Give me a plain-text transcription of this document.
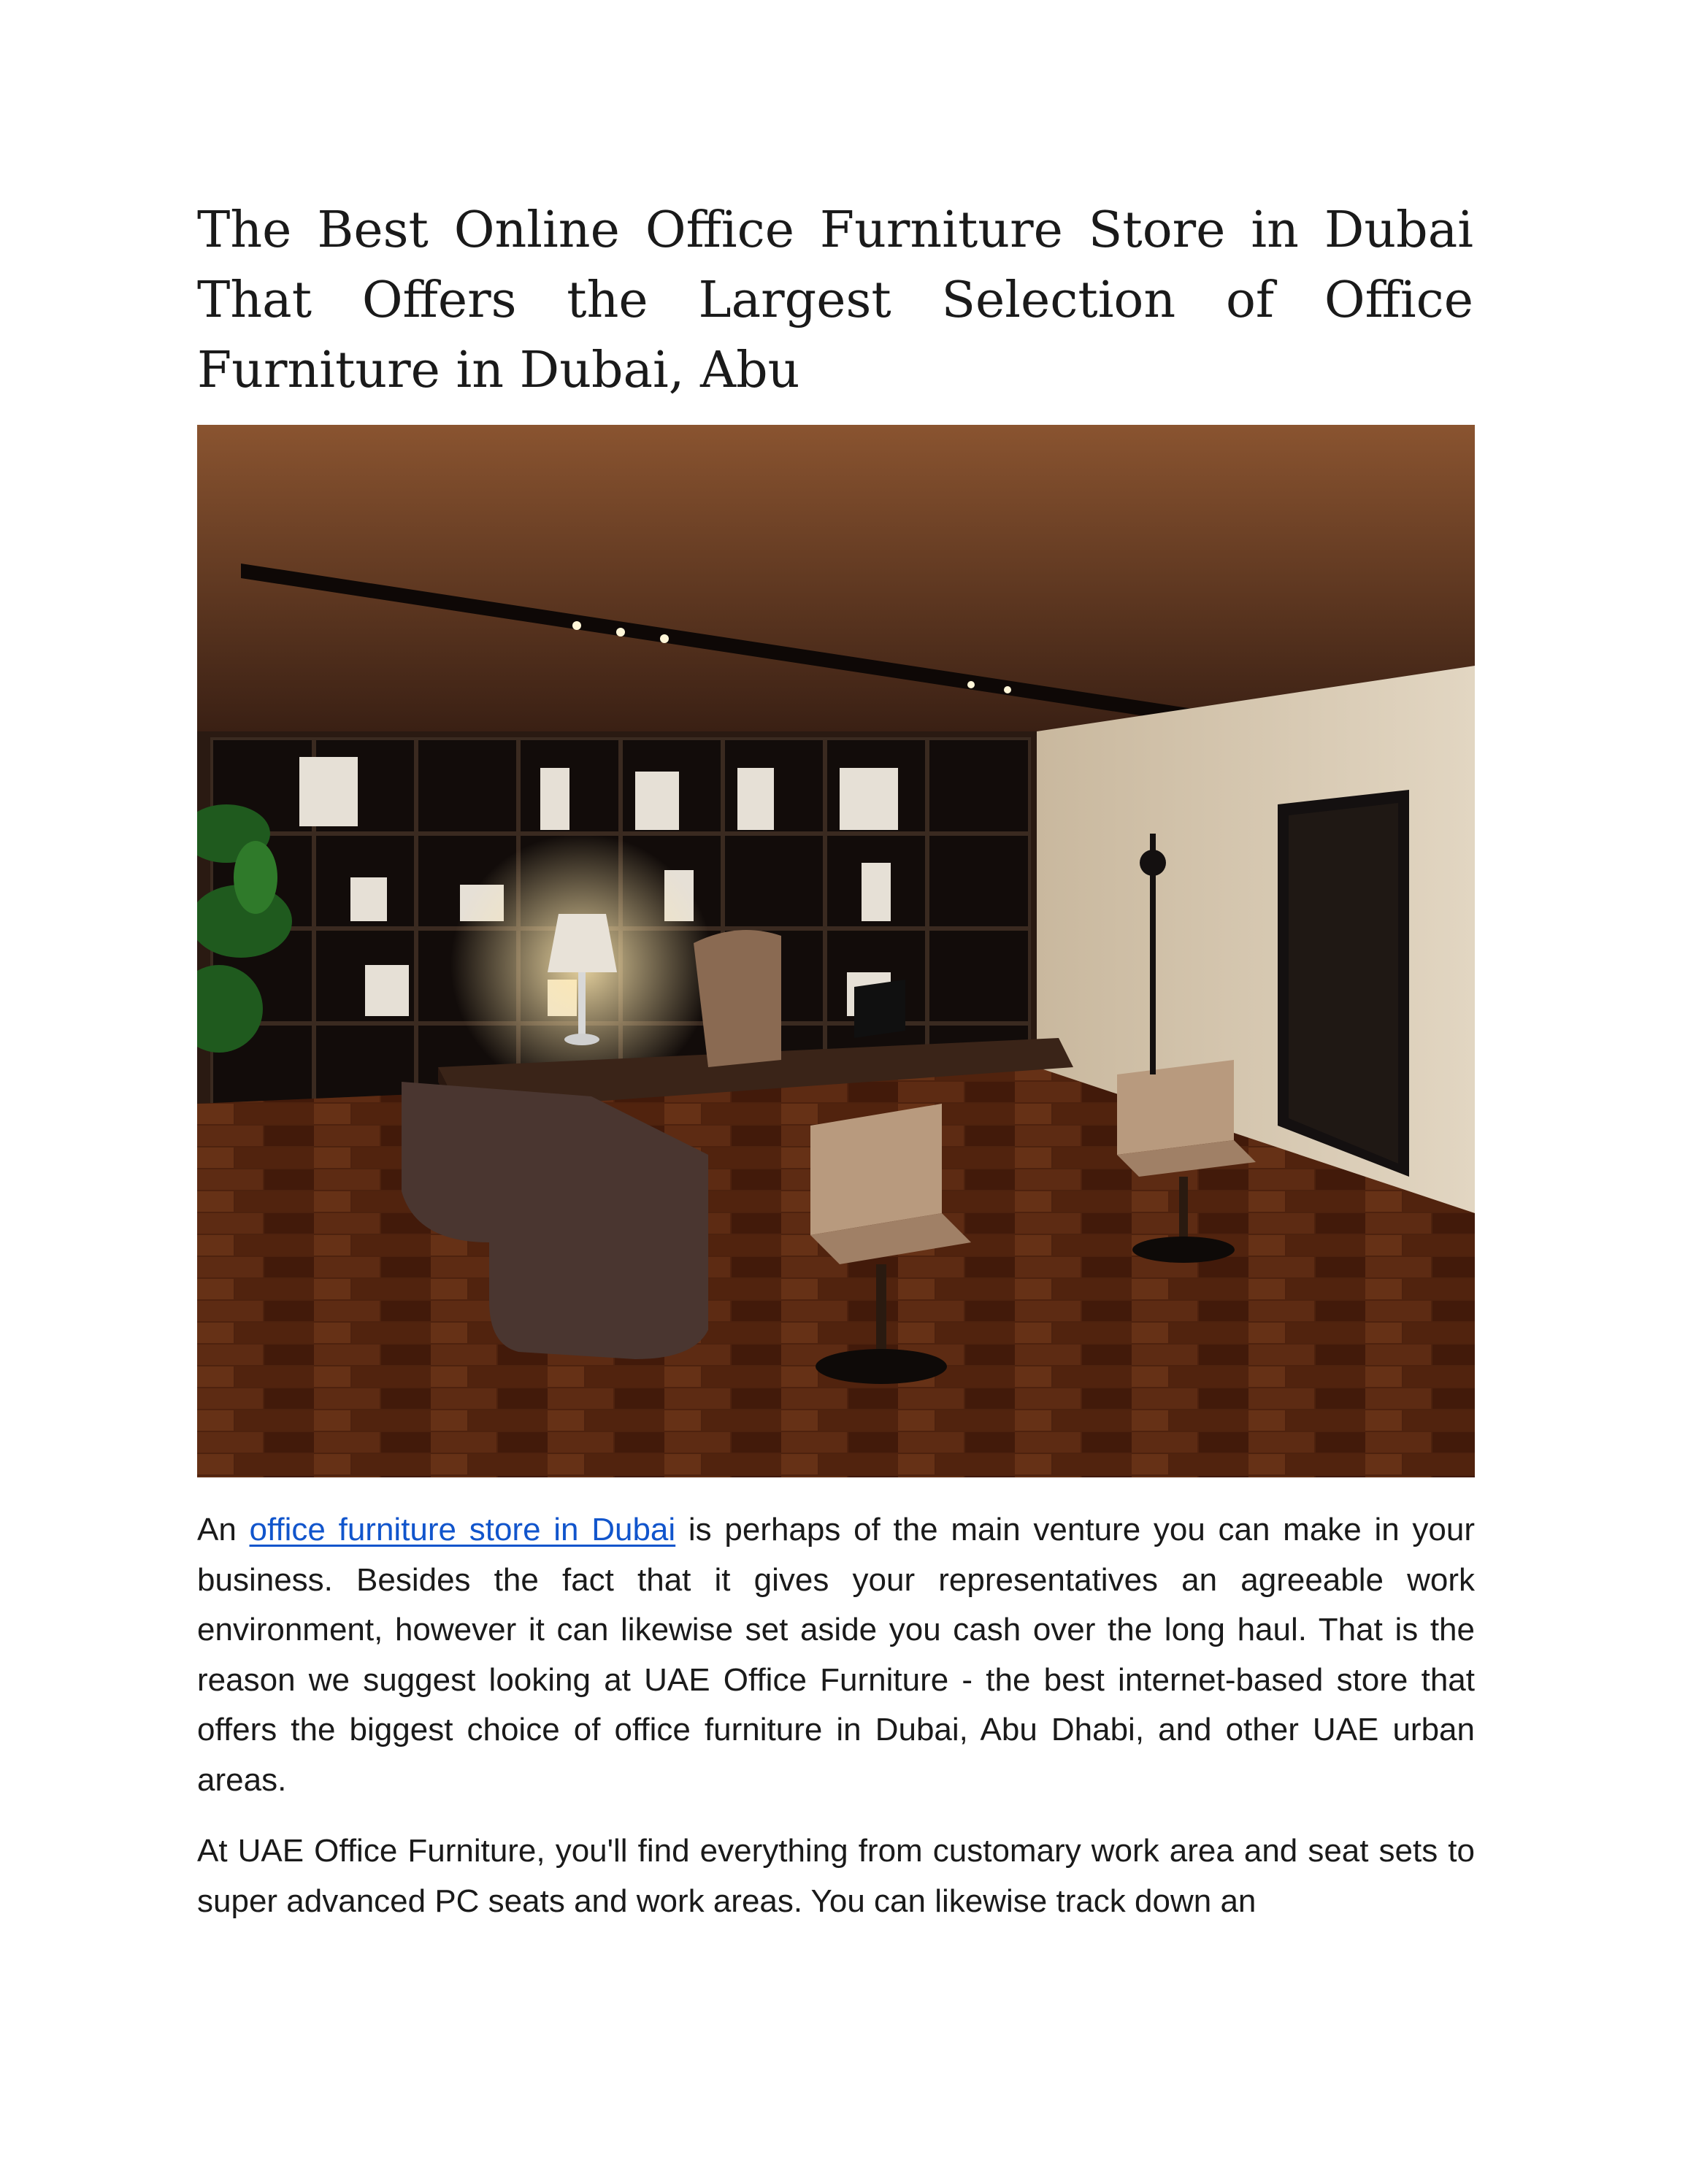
The Best Online Office Furniture Store in Dubai That Offers the Largest Selection of Office Furniture in Dubai, Abu

An office furniture store in Dubai is perhaps of the main venture you can make in your business. Besides the fact that it gives your representatives an agreeable work environment, however it can likewise set aside you cash over the long haul. That is the reason we suggest looking at UAE Office Furniture - the best internet-based store that offers the biggest choice of office furniture in Dubai, Abu Dhabi, and other UAE urban areas.

At UAE Office Furniture, you'll find everything from customary work area and seat sets to super advanced PC seats and work areas. You can likewise track down an
